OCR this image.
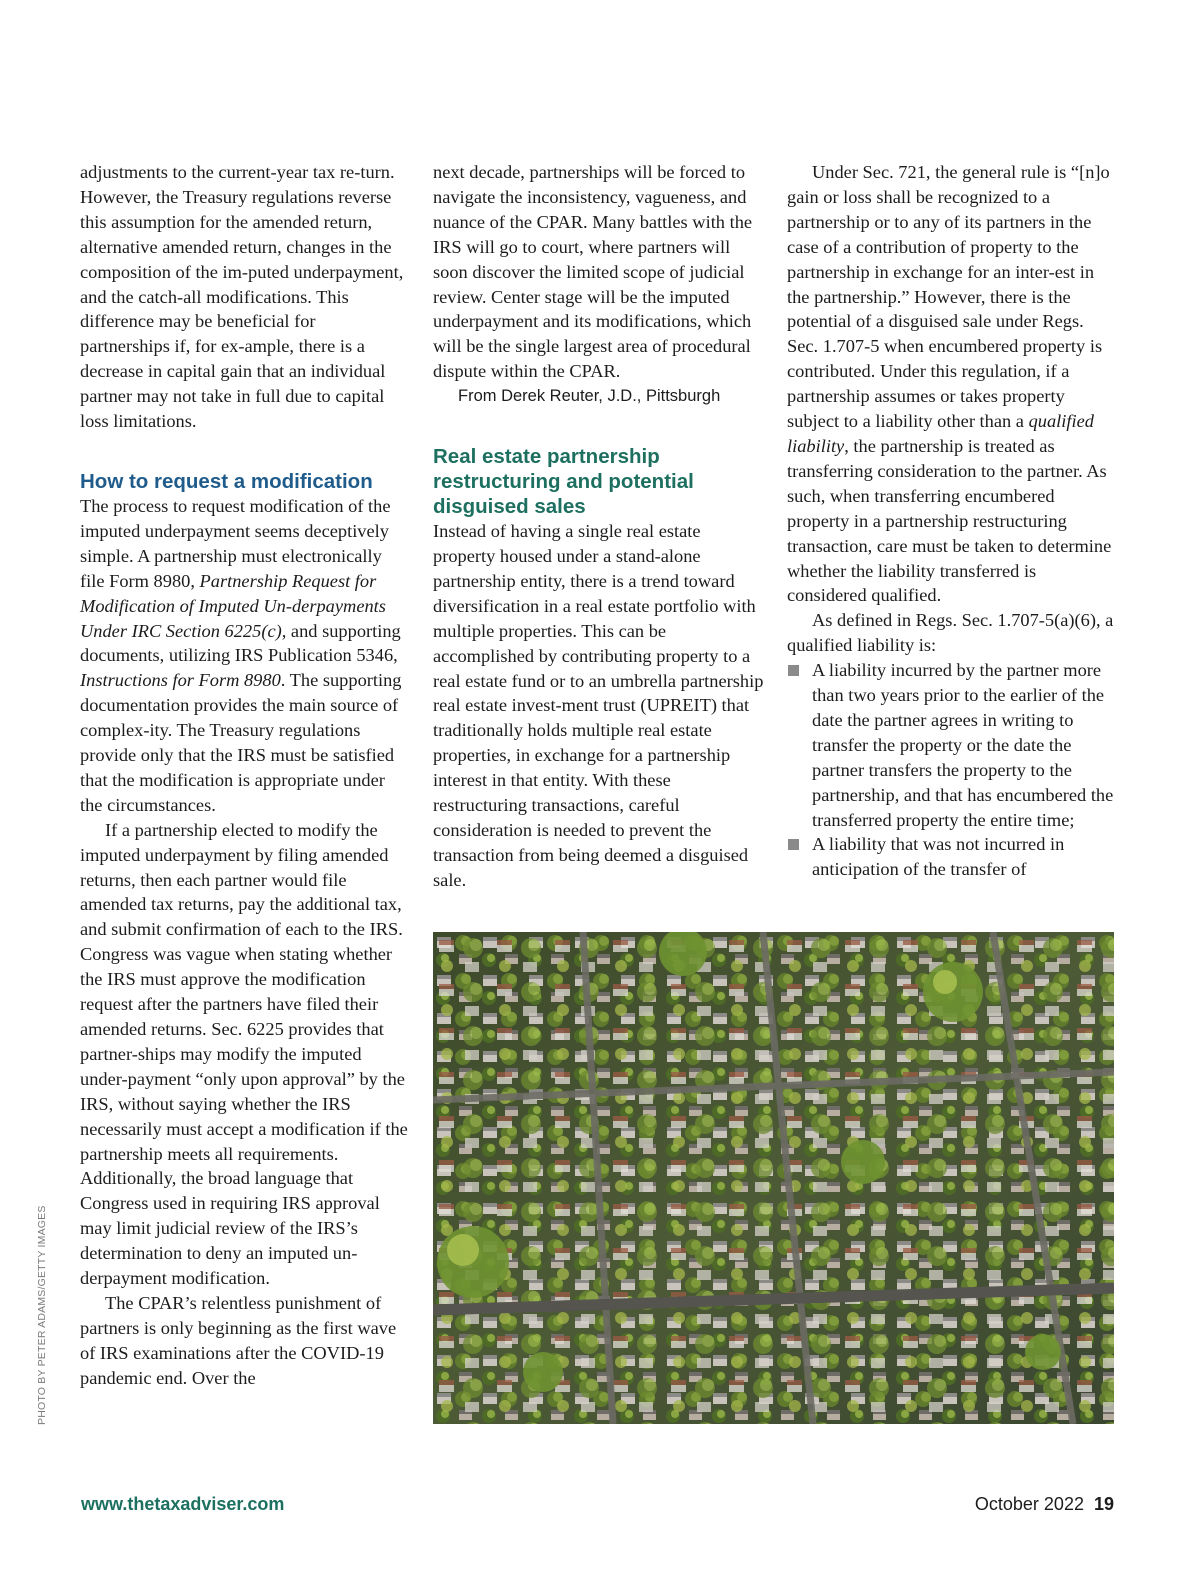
adjustments to the current-year tax re-turn. However, the Treasury regulations reverse this assumption for the amended return, alternative amended return, changes in the composition of the im-puted underpayment, and the catch-all modifications. This difference may be beneficial for partnerships if, for ex-ample, there is a decrease in capital gain that an individual partner may not take in full due to capital loss limitations.

How to request a modification

The process to request modification of the imputed underpayment seems deceptively simple. A partnership must electronically file Form 8980, Partnership Request for Modification of Imputed Un-derpayments Under IRC Section 6225(c), and supporting documents, utilizing IRS Publication 5346, Instructions for Form 8980. The supporting documentation provides the main source of complex-ity. The Treasury regulations provide only that the IRS must be satisfied that the modification is appropriate under the circumstances.

If a partnership elected to modify the imputed underpayment by filing amended returns, then each partner would file amended tax returns, pay the additional tax, and submit confirmation of each to the IRS. Congress was vague when stating whether the IRS must approve the modification request after the partners have filed their amended returns. Sec. 6225 provides that partner-ships may modify the imputed under-payment “only upon approval” by the IRS, without saying whether the IRS necessarily must accept a modification if the partnership meets all requirements. Additionally, the broad language that Congress used in requiring IRS approval may limit judicial review of the IRS’s determination to deny an imputed un-derpayment modification.

The CPAR’s relentless punishment of partners is only beginning as the first wave of IRS examinations after the COVID-19 pandemic end. Over the

next decade, partnerships will be forced to navigate the inconsistency, vagueness, and nuance of the CPAR. Many battles with the IRS will go to court, where partners will soon discover the limited scope of judicial review. Center stage will be the imputed underpayment and its modifications, which will be the single largest area of procedural dispute within the CPAR.

From Derek Reuter, J.D., Pittsburgh

Real estate partnership restructuring and potential disguised sales

Instead of having a single real estate property housed under a stand-alone partnership entity, there is a trend toward diversification in a real estate portfolio with multiple properties. This can be accomplished by contributing property to a real estate fund or to an umbrella partnership real estate invest-ment trust (UPREIT) that traditionally holds multiple real estate properties, in exchange for a partnership interest in that entity. With these restructuring transactions, careful consideration is needed to prevent the transaction from being deemed a disguised sale.

Under Sec. 721, the general rule is “[n]o gain or loss shall be recognized to a partnership or to any of its partners in the case of a contribution of property to the partnership in exchange for an inter-est in the partnership.” However, there is the potential of a disguised sale under Regs. Sec. 1.707-5 when encumbered property is contributed. Under this regulation, if a partnership assumes or takes property subject to a liability other than a qualified liability, the partnership is treated as transferring consideration to the partner. As such, when transferring encumbered property in a partnership restructuring transaction, care must be taken to determine whether the liability transferred is considered qualified.

As defined in Regs. Sec. 1.707-5(a)(6), a qualified liability is:

A liability incurred by the partner more than two years prior to the earlier of the date the partner agrees in writing to transfer the property or the date the partner transfers the property to the partnership, and that has encumbered the transferred property the entire time;
A liability that was not incurred in anticipation of the transfer of
PHOTO BY PETER ADAMS/GETTY IMAGES
www.thetaxadviser.com	October 2022 19
